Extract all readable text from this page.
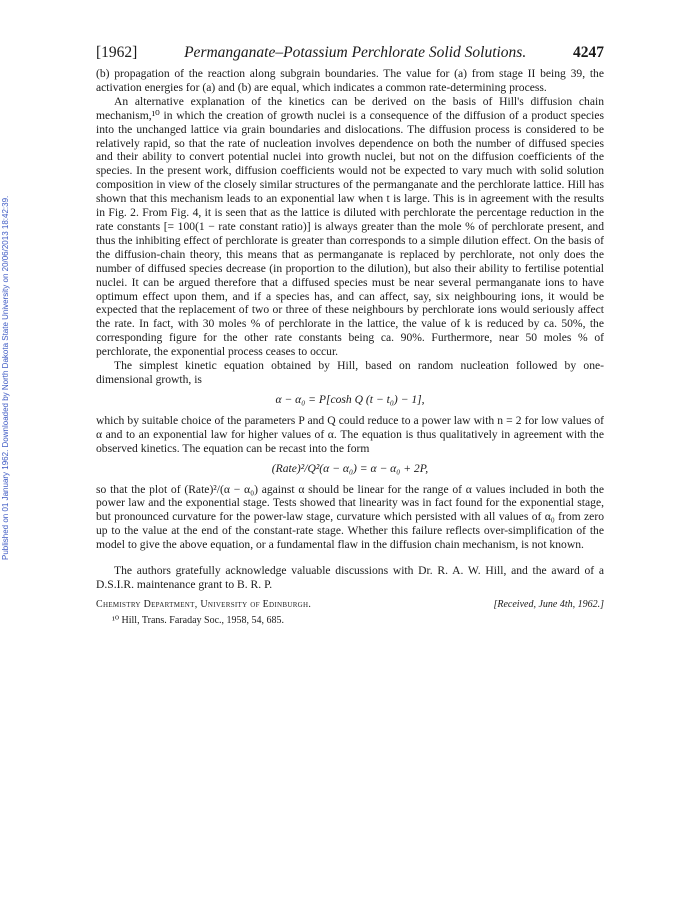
Published on 01 January 1962. Downloaded by North Dakota State University on 20/06/2013 18:42:39.
[1962]	Permanganate–Potassium Perchlorate Solid Solutions.	4247

(b) propagation of the reaction along subgrain boundaries. The value for (a) from stage II being 39, the activation energies for (a) and (b) are equal, which indicates a common rate-determining process.

An alternative explanation of the kinetics can be derived on the basis of Hill's diffusion chain mechanism,¹⁰ in which the creation of growth nuclei is a consequence of the diffusion of a product species into the unchanged lattice via grain boundaries and dislocations. The diffusion process is considered to be relatively rapid, so that the rate of nucleation involves dependence on both the number of diffused species and their ability to convert potential nuclei into growth nuclei, but not on the diffusion coefficients of the species. In the present work, diffusion coefficients would not be expected to vary much with solid solution composition in view of the closely similar structures of the permanganate and the perchlorate lattice. Hill has shown that this mechanism leads to an exponential law when t is large. This is in agreement with the results in Fig. 2. From Fig. 4, it is seen that as the lattice is diluted with perchlorate the percentage reduction in the rate constants [= 100(1 − rate constant ratio)] is always greater than the mole % of perchlorate present, and thus the inhibiting effect of perchlorate is greater than corresponds to a simple dilution effect. On the basis of the diffusion-chain theory, this means that as permanganate is replaced by perchlorate, not only does the number of diffused species decrease (in proportion to the dilution), but also their ability to fertilise potential nuclei. It can be argued therefore that a diffused species must be near several permanganate ions to have optimum effect upon them, and if a species has, and can affect, say, six neighbouring ions, it would be expected that the replacement of two or three of these neighbours by perchlorate ions would seriously affect the rate. In fact, with 30 moles % of perchlorate in the lattice, the value of k is reduced by ca. 50%, the corresponding figure for the other rate constants being ca. 90%. Furthermore, near 50 moles % of perchlorate, the exponential process ceases to occur.

The simplest kinetic equation obtained by Hill, based on random nucleation followed by one-dimensional growth, is

α − α₀ = P[cosh Q (t − t₀) − 1],

which by suitable choice of the parameters P and Q could reduce to a power law with n = 2 for low values of α and to an exponential law for higher values of α. The equation is thus qualitatively in agreement with the observed kinetics. The equation can be recast into the form

(Rate)²/Q²(α − α₀) = α − α₀ + 2P,

so that the plot of (Rate)²/(α − α₀) against α should be linear for the range of α values included in both the power law and the exponential stage. Tests showed that linearity was in fact found for the exponential stage, but pronounced curvature for the power-law stage, curvature which persisted with all values of α₀ from zero up to the value at the end of the constant-rate stage. Whether this failure reflects over-simplification of the model to give the above equation, or a fundamental flaw in the diffusion chain mechanism, is not known.

The authors gratefully acknowledge valuable discussions with Dr. R. A. W. Hill, and the award of a D.S.I.R. maintenance grant to B. R. P.

Chemistry Department, University of Edinburgh.	[Received, June 4th, 1962.]
¹⁰ Hill, Trans. Faraday Soc., 1958, 54, 685.
